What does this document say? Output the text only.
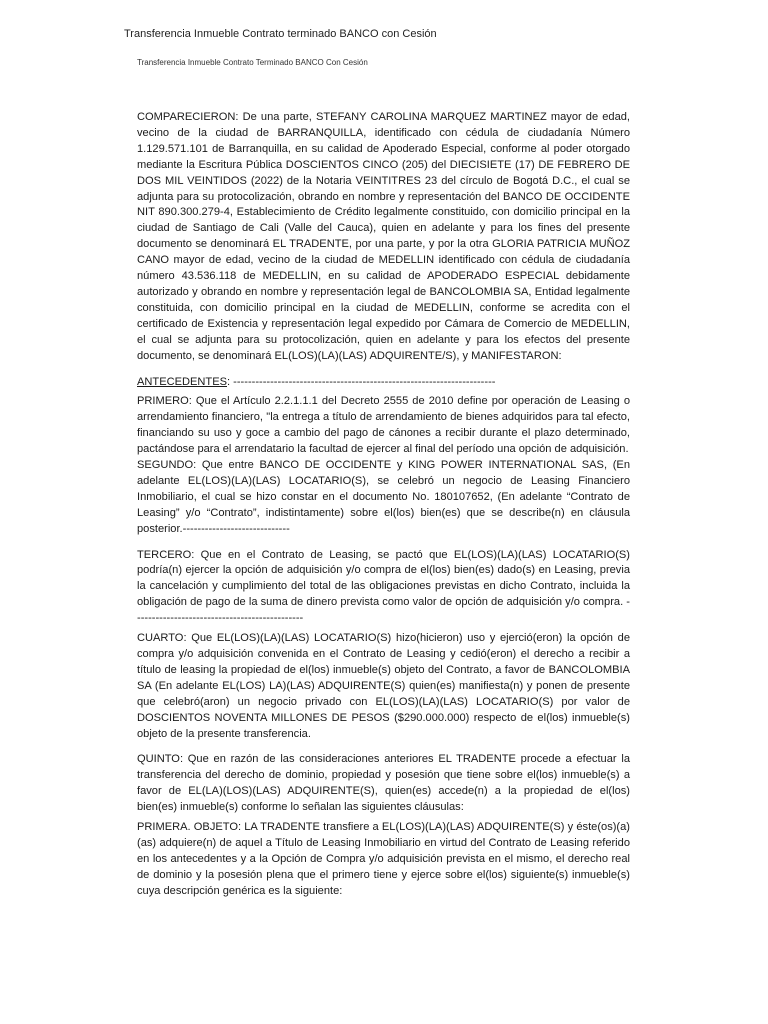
Transferencia Inmueble Contrato terminado BANCO con Cesión
Transferencia Inmueble Contrato Terminado BANCO Con Cesión

COMPARECIERON: De una parte, STEFANY CAROLINA MARQUEZ MARTINEZ mayor de edad, vecino de la ciudad de BARRANQUILLA, identificado con cédula de ciudadanía Número 1.129.571.101 de Barranquilla, en su calidad de Apoderado Especial, conforme al poder otorgado mediante la Escritura Pública DOSCIENTOS CINCO (205) del DIECISIETE (17) DE FEBRERO DE DOS MIL VEINTIDOS (2022) de la Notaria VEINTITRES 23 del círculo de Bogotá D.C., el cual se adjunta para su protocolización, obrando en nombre y representación del BANCO DE OCCIDENTE NIT 890.300.279-4, Establecimiento de Crédito legalmente constituido, con domicilio principal en la ciudad de Santiago de Cali (Valle del Cauca), quien en adelante y para los fines del presente documento se denominará EL TRADENTE, por una parte, y por la otra GLORIA PATRICIA MUÑOZ CANO mayor de edad, vecino de la ciudad de MEDELLIN identificado con cédula de ciudadanía número 43.536.118 de MEDELLIN, en su calidad de APODERADO ESPECIAL debidamente autorizado y obrando en nombre y representación legal de BANCOLOMBIA SA, Entidad legalmente constituida, con domicilio principal en la ciudad de MEDELLIN, conforme se acredita con el certificado de Existencia y representación legal expedido por Cámara de Comercio de MEDELLIN, el cual se adjunta para su protocolización, quien en adelante y para los efectos del presente documento, se denominará EL(LOS)(LA)(LAS) ADQUIRENTE/S), y MANIFESTARON:

ANTECEDENTES: -----------------------------------------------------------------------

PRIMERO: Que el Artículo 2.2.1.1.1 del Decreto 2555 de 2010 define por operación de Leasing o arrendamiento financiero, "la entrega a título de arrendamiento de bienes adquiridos para tal efecto, financiando su uso y goce a cambio del pago de cánones a recibir durante el plazo determinado, pactándose para el arrendatario la facultad de ejercer al final del período una opción de adquisición.

SEGUNDO: Que entre BANCO DE OCCIDENTE y KING POWER INTERNATIONAL SAS, (En adelante EL(LOS)(LA)(LAS) LOCATARIO(S), se celebró un negocio de Leasing Financiero Inmobiliario, el cual se hizo constar en el documento No. 180107652, (En adelante “Contrato de Leasing” y/o “Contrato”, indistintamente) sobre el(los) bien(es) que se describe(n) en cláusula posterior.-----------------------------

TERCERO: Que en el Contrato de Leasing, se pactó que EL(LOS)(LA)(LAS) LOCATARIO(S) podría(n) ejercer la opción de adquisición y/o compra de el(los) bien(es) dado(s) en Leasing, previa la cancelación y cumplimiento del total de las obligaciones previstas en dicho Contrato, incluida la obligación de pago de la suma de dinero prevista como valor de opción de adquisición y/o compra. ----------------------------------------------

CUARTO: Que EL(LOS)(LA)(LAS) LOCATARIO(S) hizo(hicieron) uso y ejerció(eron) la opción de compra y/o adquisición convenida en el Contrato de Leasing y cedió(eron) el derecho a recibir a título de leasing la propiedad de el(los) inmueble(s) objeto del Contrato, a favor de BANCOLOMBIA SA (En adelante EL(LOS) LA)(LAS) ADQUIRENTE(S) quien(es) manifiesta(n) y ponen de presente que celebró(aron) un negocio privado con EL(LOS)(LA)(LAS) LOCATARIO(S) por valor de DOSCIENTOS NOVENTA MILLONES DE PESOS ($290.000.000) respecto de el(los) inmueble(s) objeto de la presente transferencia.

QUINTO: Que en razón de las consideraciones anteriores EL TRADENTE procede a efectuar la transferencia del derecho de dominio, propiedad y posesión que tiene sobre el(los) inmueble(s) a favor de EL(LA)(LOS)(LAS) ADQUIRENTE(S), quien(es) accede(n) a la propiedad de el(los) bien(es) inmueble(s) conforme lo señalan las siguientes cláusulas:

PRIMERA. OBJETO: LA TRADENTE transfiere a EL(LOS)(LA)(LAS) ADQUIRENTE(S) y éste(os)(a)(as) adquiere(n) de aquel a Título de Leasing Inmobiliario en virtud del Contrato de Leasing referido en los antecedentes y a la Opción de Compra y/o adquisición prevista en el mismo, el derecho real de dominio y la posesión plena que el primero tiene y ejerce sobre el(los) siguiente(s) inmueble(s) cuya descripción genérica es la siguiente:
